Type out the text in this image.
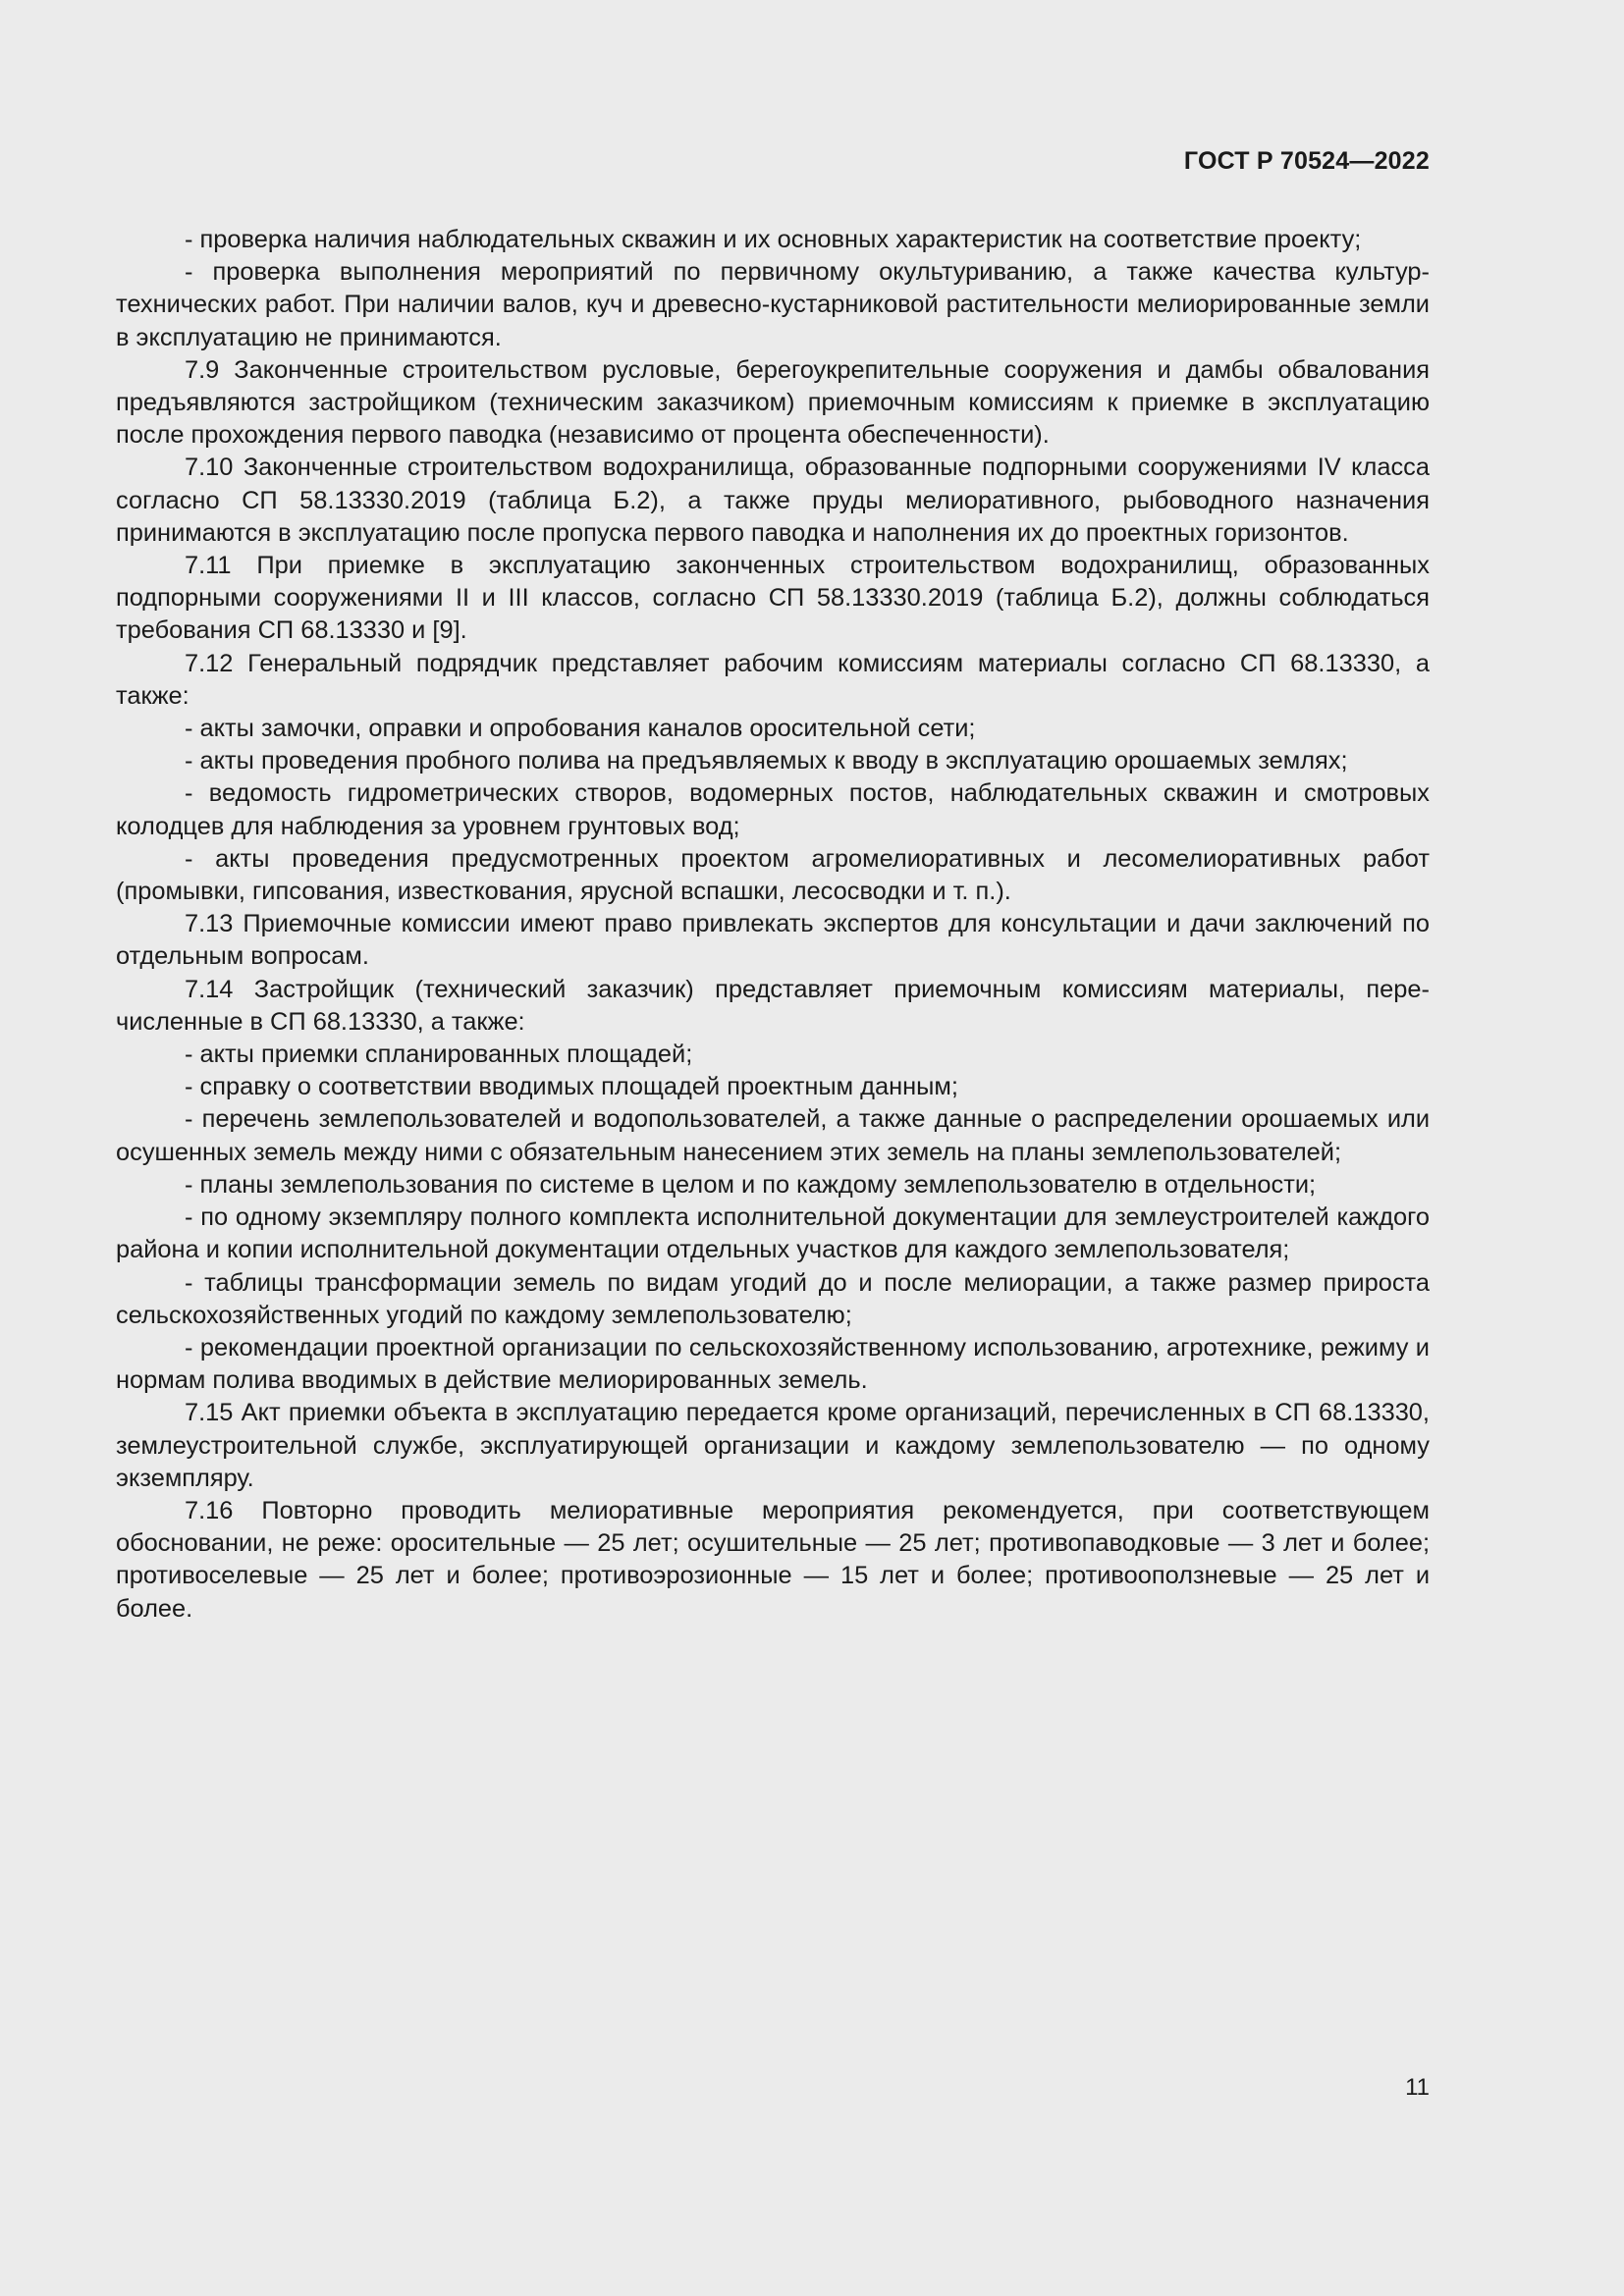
ГОСТ Р 70524—2022

- проверка наличия наблюдательных скважин и их основных характеристик на соответствие проекту;

- проверка выполнения мероприятий по первичному окультуриванию, а также качества культуртехнических работ. При наличии валов, куч и древесно-кустарниковой растительности мелиорированные земли в эксплуатацию не принимаются.

7.9 Законченные строительством русловые, берегоукрепительные сооружения и дамбы обвалования предъявляются застройщиком (техническим заказчиком) приемочным комиссиям к приемке в эксплуатацию после прохождения первого паводка (независимо от процента обеспеченности).

7.10 Законченные строительством водохранилища, образованные подпорными сооружениями IV класса согласно СП 58.13330.2019 (таблица Б.2), а также пруды мелиоративного, рыбоводного назначения принимаются в эксплуатацию после пропуска первого паводка и наполнения их до проектных горизонтов.

7.11 При приемке в эксплуатацию законченных строительством водохранилищ, образованных подпорными сооружениями II и III классов, согласно СП 58.13330.2019 (таблица Б.2), должны соблюдаться требования СП 68.13330 и [9].

7.12 Генеральный подрядчик представляет рабочим комиссиям материалы согласно СП 68.13330, а также:

- акты замочки, оправки и опробования каналов оросительной сети;

- акты проведения пробного полива на предъявляемых к вводу в эксплуатацию орошаемых землях;

- ведомость гидрометрических створов, водомерных постов, наблюдательных скважин и смотровых колодцев для наблюдения за уровнем грунтовых вод;

- акты проведения предусмотренных проектом агромелиоративных и лесомелиоративных работ (промывки, гипсования, известкования, ярусной вспашки, лесосводки и т. п.).

7.13 Приемочные комиссии имеют право привлекать экспертов для консультации и дачи заключений по отдельным вопросам.

7.14 Застройщик (технический заказчик) представляет приемочным комиссиям материалы, перечисленные в СП 68.13330, а также:

- акты приемки спланированных площадей;

- справку о соответствии вводимых площадей проектным данным;

- перечень землепользователей и водопользователей, а также данные о распределении орошаемых или осушенных земель между ними с обязательным нанесением этих земель на планы землепользователей;

- планы землепользования по системе в целом и по каждому землепользователю в отдельности;

- по одному экземпляру полного комплекта исполнительной документации для землеустроителей каждого района и копии исполнительной документации отдельных участков для каждого землепользователя;

- таблицы трансформации земель по видам угодий до и после мелиорации, а также размер прироста сельскохозяйственных угодий по каждому землепользователю;

- рекомендации проектной организации по сельскохозяйственному использованию, агротехнике, режиму и нормам полива вводимых в действие мелиорированных земель.

7.15 Акт приемки объекта в эксплуатацию передается кроме организаций, перечисленных в СП 68.13330, землеустроительной службе, эксплуатирующей организации и каждому землепользователю — по одному экземпляру.

7.16 Повторно проводить мелиоративные мероприятия рекомендуется, при соответствующем обосновании, не реже: оросительные — 25 лет; осушительные — 25 лет; противопаводковые — 3 лет и более; противоселевые — 25 лет и более; противоэрозионные — 15 лет и более; противооползневые — 25 лет и более.

11
